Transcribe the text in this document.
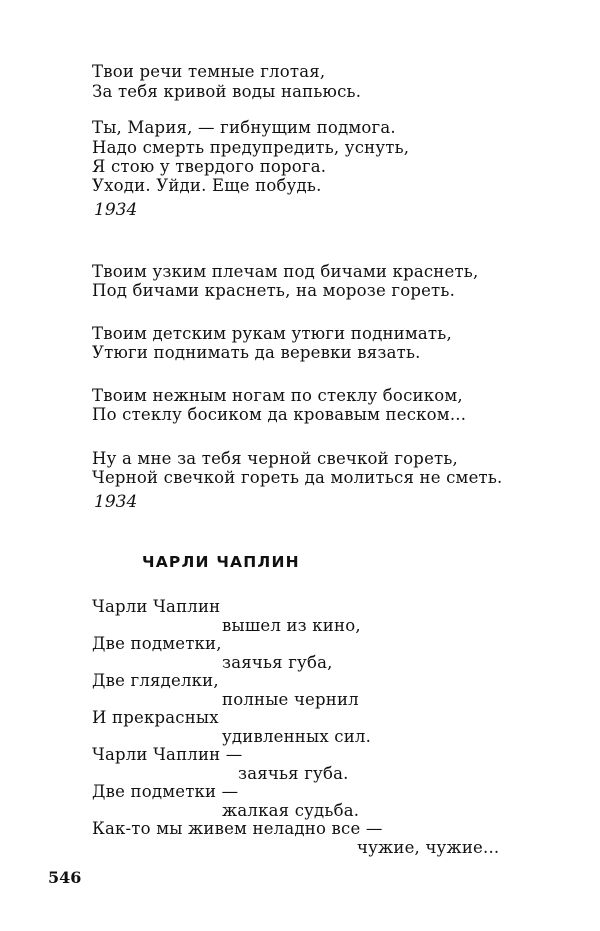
Твои речи темные глотая,
За тебя кривой воды напьюсь.
Ты, Мария, — гибнущим подмога.
Надо смерть предупредить, уснуть,
Я стою у твердого порога.
Уходи. Уйди. Еще побудь.
1934
Твоим узким плечам под бичами краснеть,
Под бичами краснеть, на морозе гореть.
Твоим детским рукам утюги поднимать,
Утюги поднимать да веревки вязать.
Твоим нежным ногам по стеклу босиком,
По стеклу босиком да кровавым песком...
Ну а мне за тебя черной свечкой гореть,
Черной свечкой гореть да молиться не сметь.
1934
ЧАРЛИ ЧАПЛИН
Чарли Чаплин
вышел из кино,
Две подметки,
заячья губа,
Две гляделки,
полные чернил
И прекрасных
удивленных сил.
Чарли Чаплин —
заячья губа.
Две подметки —
жалкая судьба.
Как-то мы живем неладно все —
чужие, чужие...
546
